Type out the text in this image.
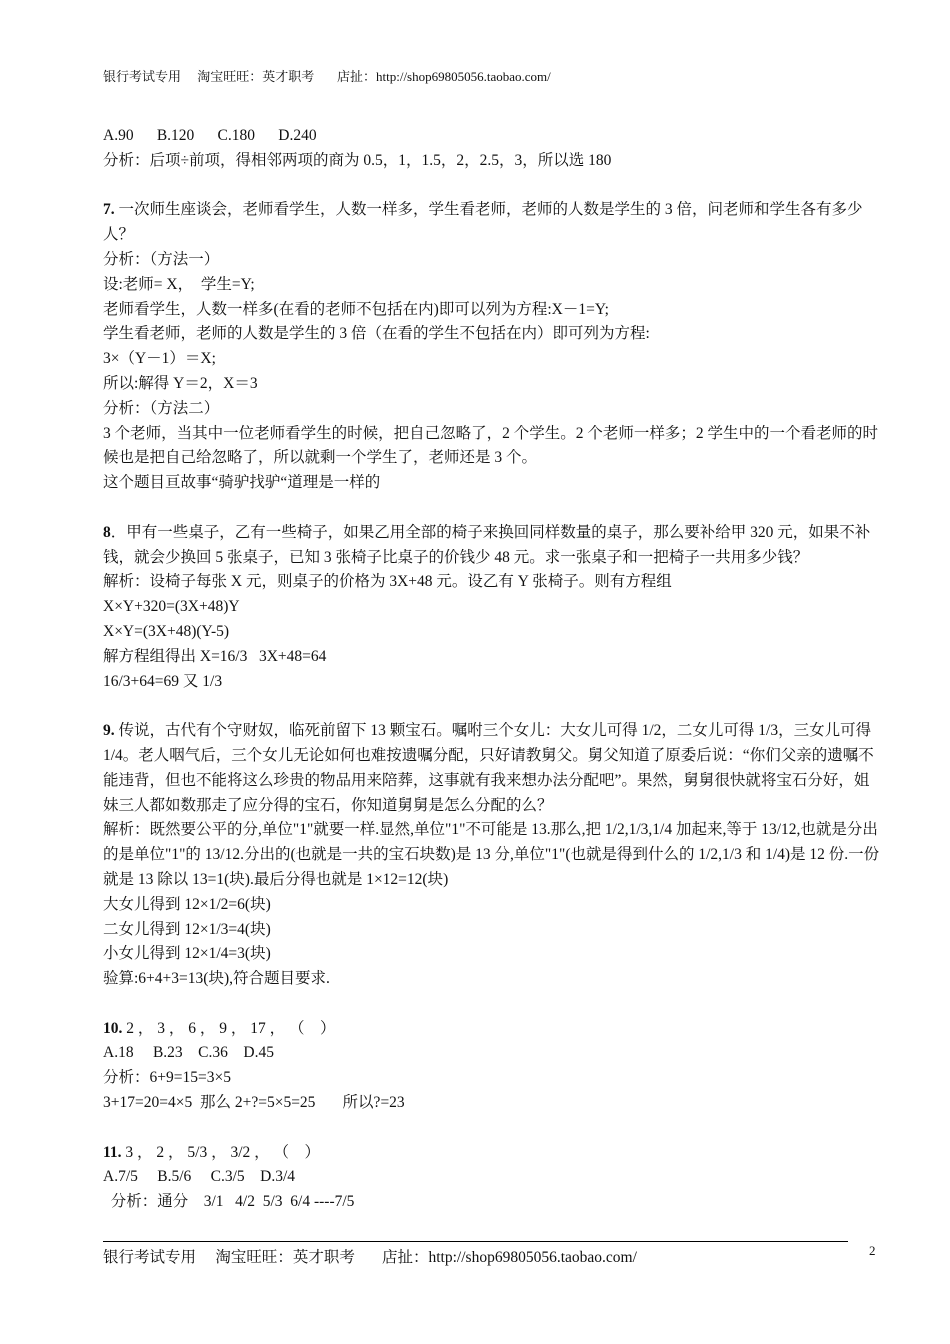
银行考试专用     淘宝旺旺：英才职考       店扯：http://shop69805056.taobao.com/
A.90      B.120      C.180      D.240
分析：后项÷前项，得相邻两项的商为 0.5，1，1.5，2，2.5，3，所以选 180
7. 一次师生座谈会，老师看学生，人数一样多，学生看老师，老师的人数是学生的 3 倍，问老师和学生各有多少人？
分析：（方法一）
设:老师= X，  学生=Y;
老师看学生，人数一样多(在看的老师不包括在内)即可以列为方程:X－1=Y;
学生看老师，老师的人数是学生的 3 倍（在看的学生不包括在内）即可列为方程:
3×（Y－1）＝X;
所以:解得 Y＝2，X＝3
分析：（方法二）
3 个老师，当其中一位老师看学生的时候，把自己忽略了，2 个学生。2 个老师一样多；2 学生中的一个看老师的时候也是把自己给忽略了，所以就剩一个学生了，老师还是 3 个。
这个题目亘故事“骑驴找驴“道理是一样的
8．甲有一些桌子，乙有一些椅子，如果乙用全部的椅子来换回同样数量的桌子，那么要补给甲 320 元，如果不补钱，就会少换回 5 张桌子，已知 3 张椅子比桌子的价钱少 48 元。求一张桌子和一把椅子一共用多少钱？
解析：设椅子每张 X 元，则桌子的价格为 3X+48 元。设乙有 Y 张椅子。则有方程组
X×Y+320=(3X+48)Y
X×Y=(3X+48)(Y-5)
解方程组得出 X=16/3   3X+48=64
16/3+64=69 又 1/3
9. 传说，古代有个守财奴，临死前留下 13 颗宝石。嘱咐三个女儿：大女儿可得 1/2，二女儿可得 1/3，三女儿可得 1/4。老人咽气后，三个女儿无论如何也难按遗嘱分配，只好请教舅父。舅父知道了原委后说：“你们父亲的遗嘱不能违背，但也不能将这么珍贵的物品用来陪葬，这事就有我来想办法分配吧”。果然，舅舅很快就将宝石分好，姐妹三人都如数那走了应分得的宝石，你知道舅舅是怎么分配的么？
解析：既然要公平的分,单位"1"就要一样.显然,单位"1"不可能是 13.那么,把 1/2,1/3,1/4 加起来,等于 13/12,也就是分出的是单位"1"的 13/12.分出的(也就是一共的宝石块数)是 13 分,单位"1"(也就是得到什么的 1/2,1/3 和 1/4)是 12 份.一份就是 13 除以 13=1(块).最后分得也就是 1×12=12(块)
大女儿得到 12×1/2=6(块)
二女儿得到 12×1/3=4(块)
小女儿得到 12×1/4=3(块)
验算:6+4+3=13(块),符合题目要求.
10. 2 ， 3 ， 6 ， 9 ， 17 ， （    ）
A.18     B.23    C.36    D.45
分析：6+9=15=3×5
3+17=20=4×5  那么 2+?=5×5=25       所以?=23
11. 3 ， 2 ， 5/3 ， 3/2 ， （    ）
A.7/5     B.5/6     C.3/5    D.3/4
分析：通分    3/1   4/2  5/3  6/4 ----7/5
银行考试专用     淘宝旺旺：英才职考       店扯：http://shop69805056.taobao.com/	2
